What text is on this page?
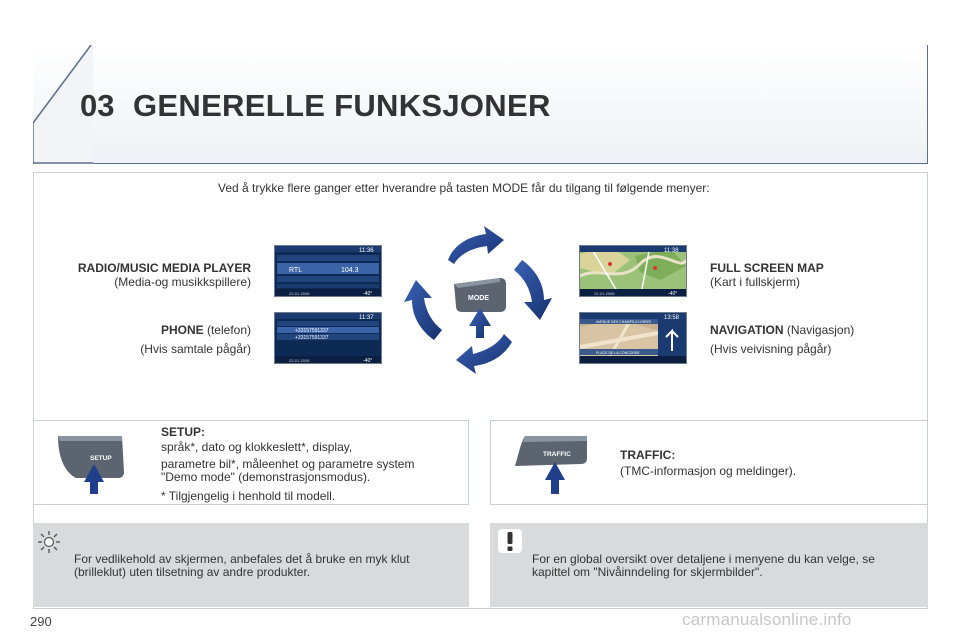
03 GENERELLE FUNKSJONER
Ved å trykke flere ganger etter hverandre på tasten MODE får du tilgang til følgende menyer:
RADIO/MUSIC MEDIA PLAYER
(Media-og musikkspillere)
PHONE (telefon)
(Hvis samtale pågår)
FULL SCREEN MAP
(Kart i fullskjerm)
NAVIGATION (Navigasjon)
(Hvis veivisning pågår)
RTL	104.3
11:36
22-01-2008	-40°
+33157591337
+33157591337
11:37
22-01-2008	-40°
11:38
22-01-2008	-40°
AVENUE DES CHAMPS-ELYSEES
PLACE DE LA CONCORDE
13:58
MODE
SETUP
SETUP:
språk*, dato og klokkeslett*, display,
parametre bil*, måleenhet og parametre system
"Demo mode" (demonstrasjonsmodus).
* Tilgjengelig i henhold til modell.
TRAFFIC	TRAFFIC:
(TMC-informasjon og meldinger).
For vedlikehold av skjermen, anbefales det å bruke en myk klut
(brilleklut) uten tilsetning av andre produkter.
For en global oversikt over detaljene i menyene du kan velge, se
kapittel om "Nivåinndeling for skjermbilder".
290	carmanualsonline.info
